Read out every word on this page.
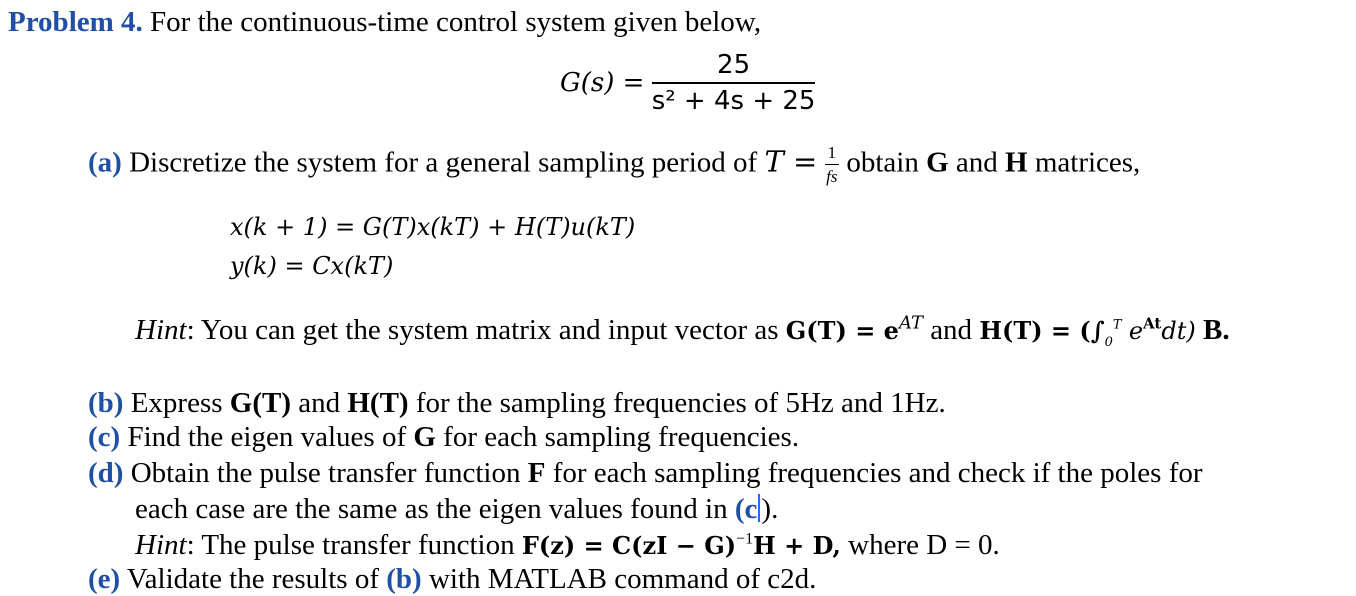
Problem 4. For the continuous-time control system given below,
$G(s) = \frac{25}{\text{s² + 4s + 25}}$
(a) Discretize the system for a general sampling period of $T = \frac{1}{fs}$ obtain G and H matrices,
x(k + 1) = G(T)x(kT) + H(T)u(kT)
y(k) = Cx(kT)
Hint: You can get the system matrix and input vector as $G(T) = e^{AT}$ and $H(T) = (\int_0^T$ $e^{At}dt$) B.
(b) Express G(T) and H(T) for the sampling frequencies of 5Hz and 1Hz.
(c) Find the eigen values of G for each sampling frequencies.
(d) Obtain the pulse transfer function F for each sampling frequencies and check if the poles for
each case are the same as the eigen values found in (c ).
Hint: The pulse transfer function F(z) = C(zI − G)$^{-1}$H + D, where D = 0.
(e) Validate the results of (b) with MATLAB command of c2d.
